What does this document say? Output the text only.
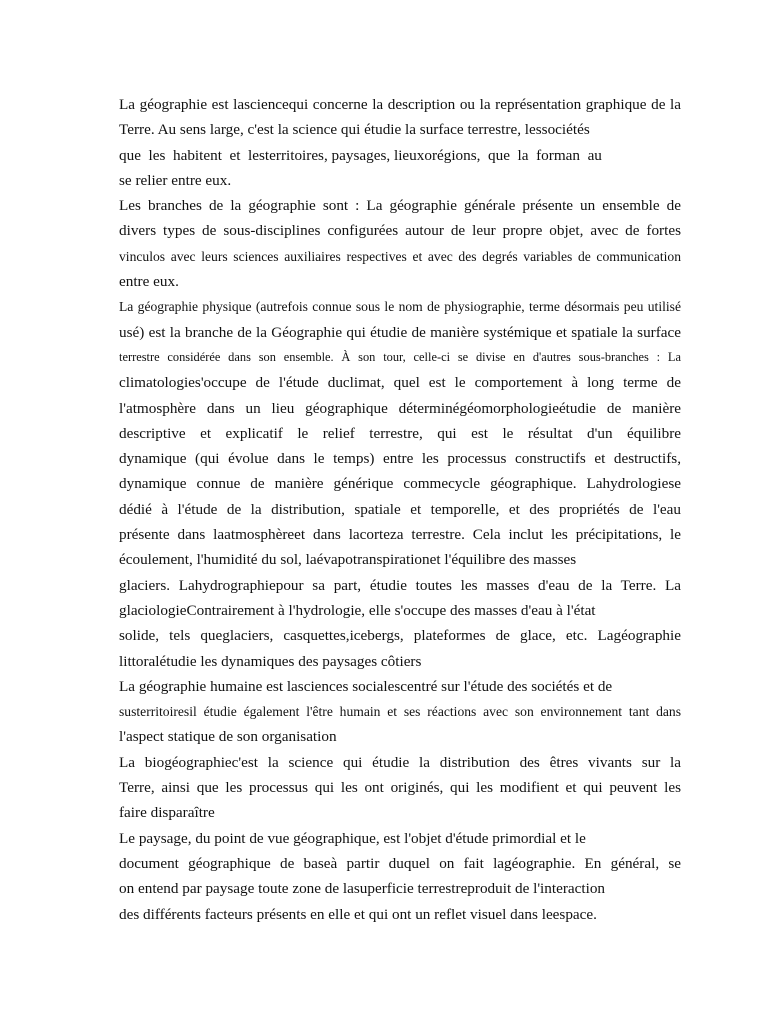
La géographie est lasciencequi concerne la description ou la représentation graphique de la
Terre. Au sens large, c'est la science qui étudie la surface terrestre, lessociétés
que  les  habitent  et  lesterritoires, paysages, lieuxorégions,  que  la  forman  au
se relier entre eux.
Les branches de la géographie sont : La géographie générale présente un ensemble de
divers types de sous-disciplines configurées autour de leur propre objet, avec de fortes
vinculos avec leurs sciences auxiliaires respectives et avec des degrés variables de communication
entre eux.
La géographie physique (autrefois connue sous le nom de physiographie, terme désormais peu utilisé
usé) est la branche de la Géographie qui étudie de manière systémique et spatiale la surface
terrestre considérée dans son ensemble. À son tour, celle-ci se divise en d'autres sous-branches : La
climatologies'occupe de l'étude duclimat, quel est le comportement à long terme de
l'atmosphère dans un lieu géographique déterminégéomorphologieétudie de manière
descriptive et explicatif le relief terrestre, qui est le résultat d'un équilibre
dynamique (qui évolue dans le temps) entre les processus constructifs et destructifs,
dynamique connue de manière générique commecycle géographique. Lahydrologiese
dédié à l'étude de la distribution, spatiale et temporelle, et des propriétés de l'eau
présente dans laatmosphèreet dans lacorteza terrestre. Cela inclut les précipitations, le
écoulement, l'humidité du sol, laévapotranspirationet l'équilibre des masses
glaciers. Lahydrographiepour sa part, étudie toutes les masses d'eau de la Terre. La
glaciologieContrairement à l'hydrologie, elle s'occupe des masses d'eau à l'état
solide, tels queglaciers, casquettes,icebergs, plateformes de glace, etc. Lagéographie
littoralétudie les dynamiques des paysages côtiers
La géographie humaine est lasciences socialescentré sur l'étude des sociétés et de
susterritoiresil étudie également l'être humain et ses réactions avec son environnement tant dans
l'aspect statique de son organisation
La biogéographiec'est la science qui étudie la distribution des êtres vivants sur la
Terre, ainsi que les processus qui les ont originés, qui les modifient et qui peuvent les
faire disparaître
Le paysage, du point de vue géographique, est l'objet d'étude primordial et le
document géographique de baseà partir duquel on fait lagéographie. En général, se
on entend par paysage toute zone de lasuperficie terrestreproduit de l'interaction
des différents facteurs présents en elle et qui ont un reflet visuel dans leespace.
